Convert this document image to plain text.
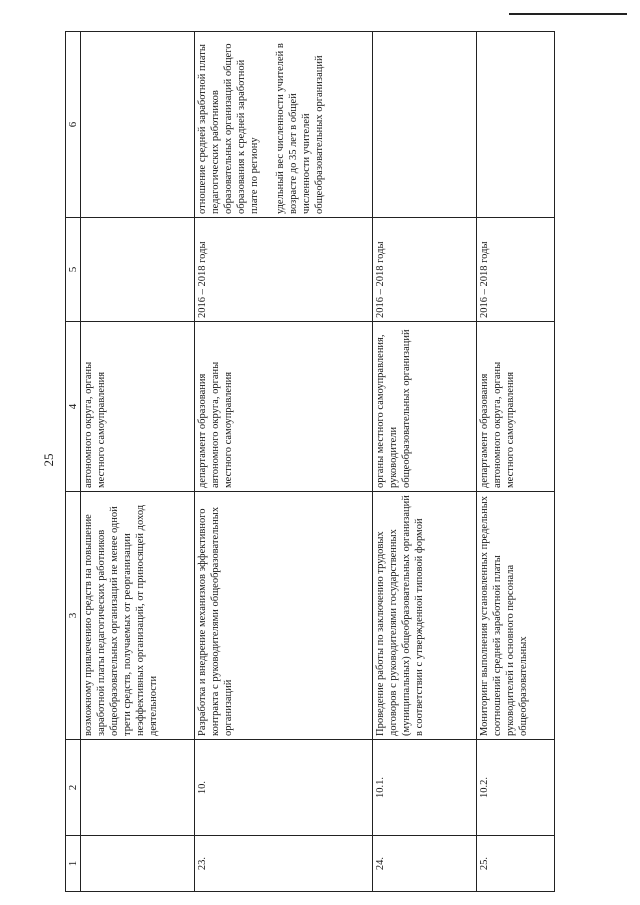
25
1	2	3	4	5	6
		возможному привлечению средств на повышение заработной платы педагогических работников общеобразовательных организаций не менее одной трети средств, получаемых от реорганизации неэффективных организаций, от приносящей доход деятельности	автономного округа, органы местного самоуправления		
23.	10.	Разработка и внедрение механизмов эффективного контракта с руководителями общеобразовательных организаций	департамент образования автономного округа, органы местного самоуправления	2016 – 2018 годы	отношение средней заработной платы педагогических работников образовательных организаций общего образования к средней заработной плате по региону удельный вес численности учителей в возрасте до 35 лет в общей численности учителей общеобразовательных организаций

24.	10.1.	Проведение работы по заключению трудовых договоров с руководителями государственных (муниципальных) общеобразовательных организаций в соответствии с утвержденной типовой формой	органы местного самоуправления, руководители общеобразовательных организаций	2016 – 2018 годы	
25.	10.2.	Мониторинг выполнения установленных предельных соотношений средней заработной платы руководителей и основного персонала общеобразовательных	департамент образования автономного округа, органы местного самоуправления	2016 – 2018 годы	
